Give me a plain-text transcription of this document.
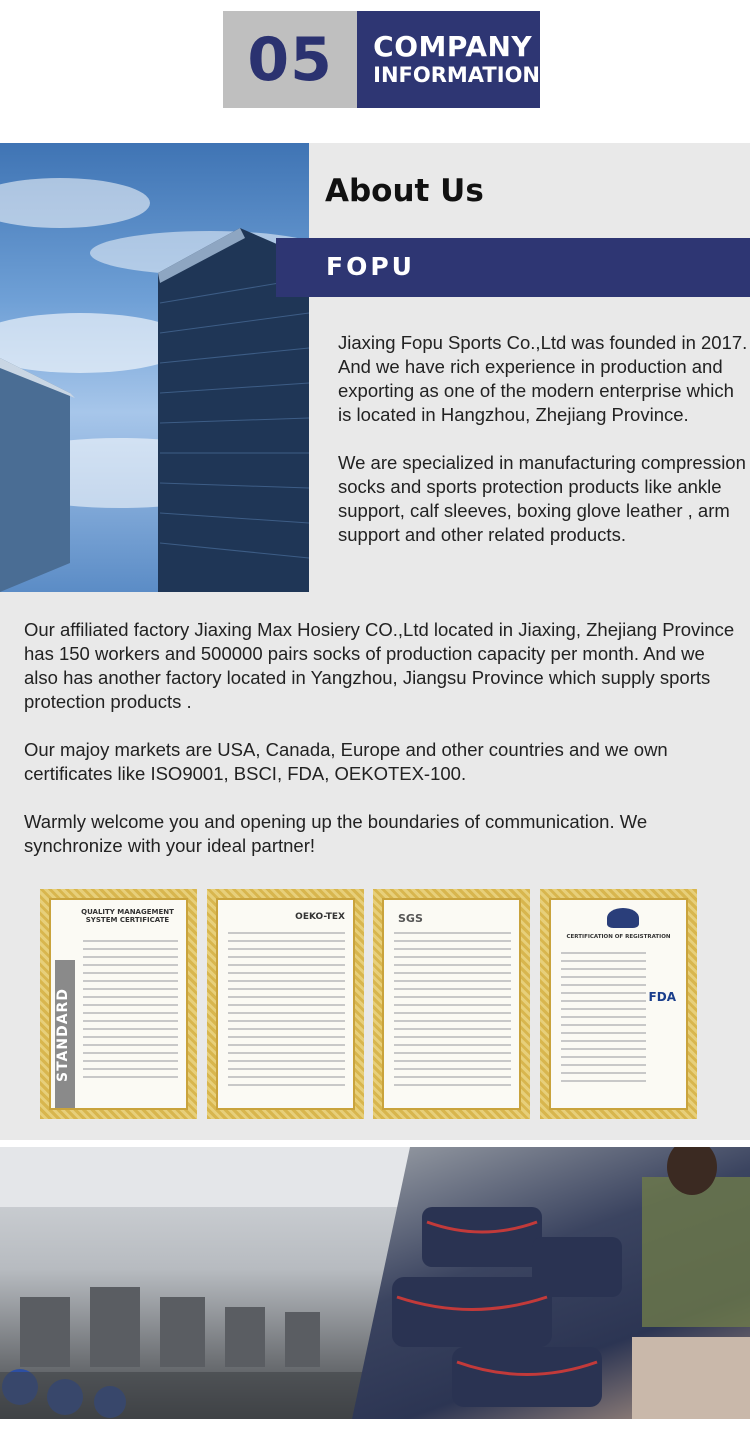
05	COMPANY
INFORMATION
About Us
FOPU

Jiaxing Fopu Sports Co.,Ltd was founded in 2017. And we have rich experience in production and exporting as one of the modern enterprise which is located in Hangzhou, Zhejiang Province.

We are specialized in manufacturing compression socks and sports protection products like ankle support, calf sleeves, boxing glove leather , arm support and other related products.

Our affiliated factory Jiaxing Max Hosiery CO.,Ltd located in Jiaxing, Zhejiang Province has 150 workers and 500000 pairs socks of production capacity per month. And we also has another factory located in Yangzhou, Jiangsu Province which supply sports protection products .

Our majoy markets are USA, Canada, Europe and other countries and we own certificates like ISO9001, BSCI, FDA, OEKOTEX-100.

Warmly welcome you and opening up the boundaries of communication. We synchronize with your ideal partner!

QUALITY MANAGEMENT SYSTEM CERTIFICATE
STANDARD
OEKO-TEX	SGS
CERTIFICATION OF REGISTRATION
FDA
